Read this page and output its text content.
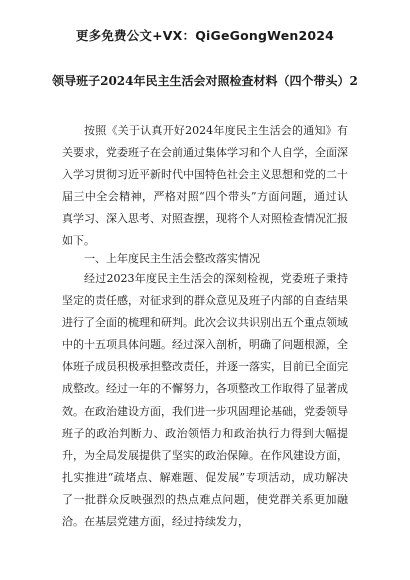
更多免费公文+VX：QiGeGongWen2024
领导班子2024年民主生活会对照检查材料（四个带头）2

按照《关于认真开好2024年度民主生活会的通知》有关要求，党委班子在会前通过集体学习和个人自学，全面深入学习贯彻习近平新时代中国特色社会主义思想和党的二十届三中全会精神，严格对照“四个带头”方面问题，通过认真学习、深入思考、对照查摆，现将个人对照检查情况汇报如下。

一、上年度民主生活会整改落实情况

经过2023年度民主生活会的深刻检视，党委班子秉持坚定的责任感，对征求到的群众意见及班子内部的自查结果进行了全面的梳理和研判。此次会议共识别出五个重点领域中的十五项具体问题。经过深入剖析，明确了问题根源，全体班子成员积极承担整改责任，并逐一落实，目前已全面完成整改。经过一年的不懈努力，各项整改工作取得了显著成效。在政治建设方面，我们进一步巩固理论基础，党委领导班子的政治判断力、政治领悟力和政治执行力得到大幅提升，为全局发展提供了坚实的政治保障。在作风建设方面，扎实推进“疏堵点、解难题、促发展”专项活动，成功解决了一批群众反映强烈的热点难点问题，使党群关系更加融洽。在基层党建方面，经过持续发力，
